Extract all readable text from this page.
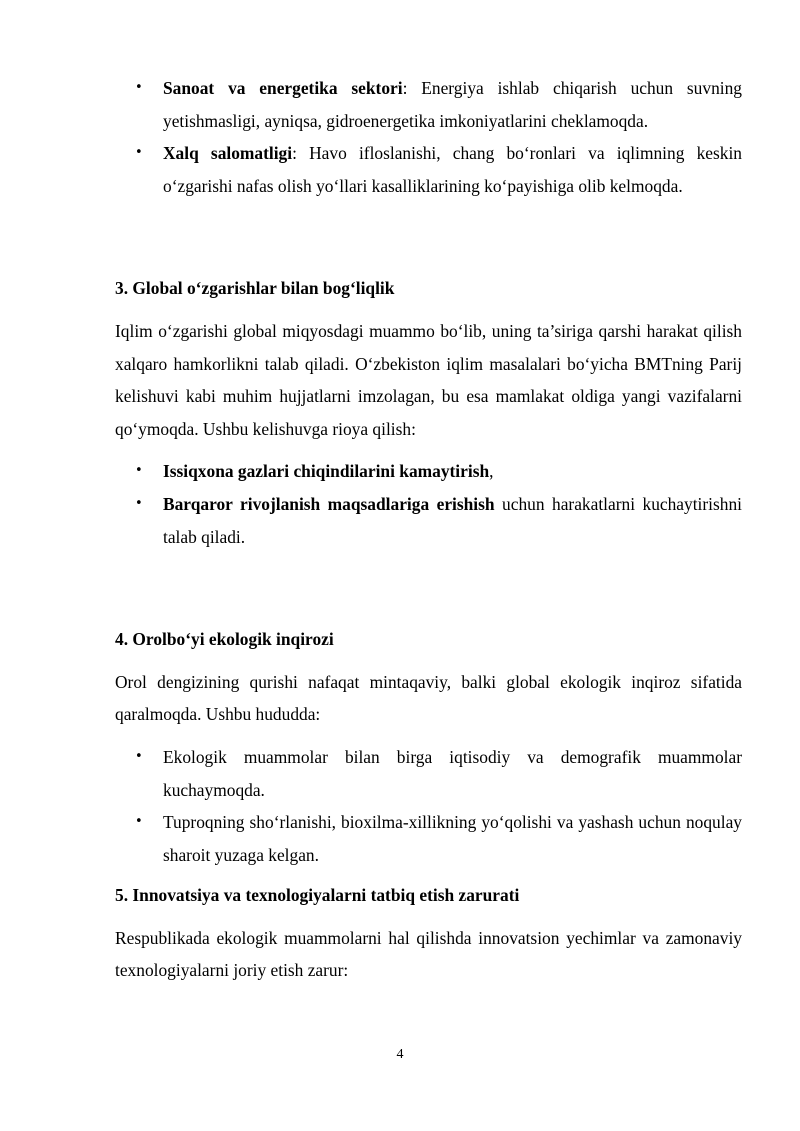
• Sanoat va energetika sektori: Energiya ishlab chiqarish uchun suvning yetishmasligi, ayniqsa, gidroenergetika imkoniyatlarini cheklamoqda.
• Xalq salomatligi: Havo ifloslanishi, chang bo‘ronlari va iqlimning keskin o‘zgarishi nafas olish yo‘llari kasalliklarining ko‘payishiga olib kelmoqda.

3. Global o‘zgarishlar bilan bog‘liqlik

Iqlim o‘zgarishi global miqyosdagi muammo bo‘lib, uning ta’siriga qarshi harakat qilish xalqaro hamkorlikni talab qiladi. O‘zbekiston iqlim masalalari bo‘yicha BMTning Parij kelishuvi kabi muhim hujjatlarni imzolagan, bu esa mamlakat oldiga yangi vazifalarni qo‘ymoqda. Ushbu kelishuvga rioya qilish:

• Issiqxona gazlari chiqindilarini kamaytirish,
• Barqaror rivojlanish maqsadlariga erishish uchun harakatlarni kuchaytirishni talab qiladi.

4. Orolbo‘yi ekologik inqirozi

Orol dengizining qurishi nafaqat mintaqaviy, balki global ekologik inqiroz sifatida qaralmoqda. Ushbu hududda:

• Ekologik muammolar bilan birga iqtisodiy va demografik muammolar kuchaymoqda.
• Tuproqning sho‘rlanishi, bioxilma-xillikning yo‘qolishi va yashash uchun noqulay sharoit yuzaga kelgan.

5. Innovatsiya va texnologiyalarni tatbiq etish zarurati

Respublikada ekologik muammolarni hal qilishda innovatsion yechimlar va zamonaviy texnologiyalarni joriy etish zarur:

4
